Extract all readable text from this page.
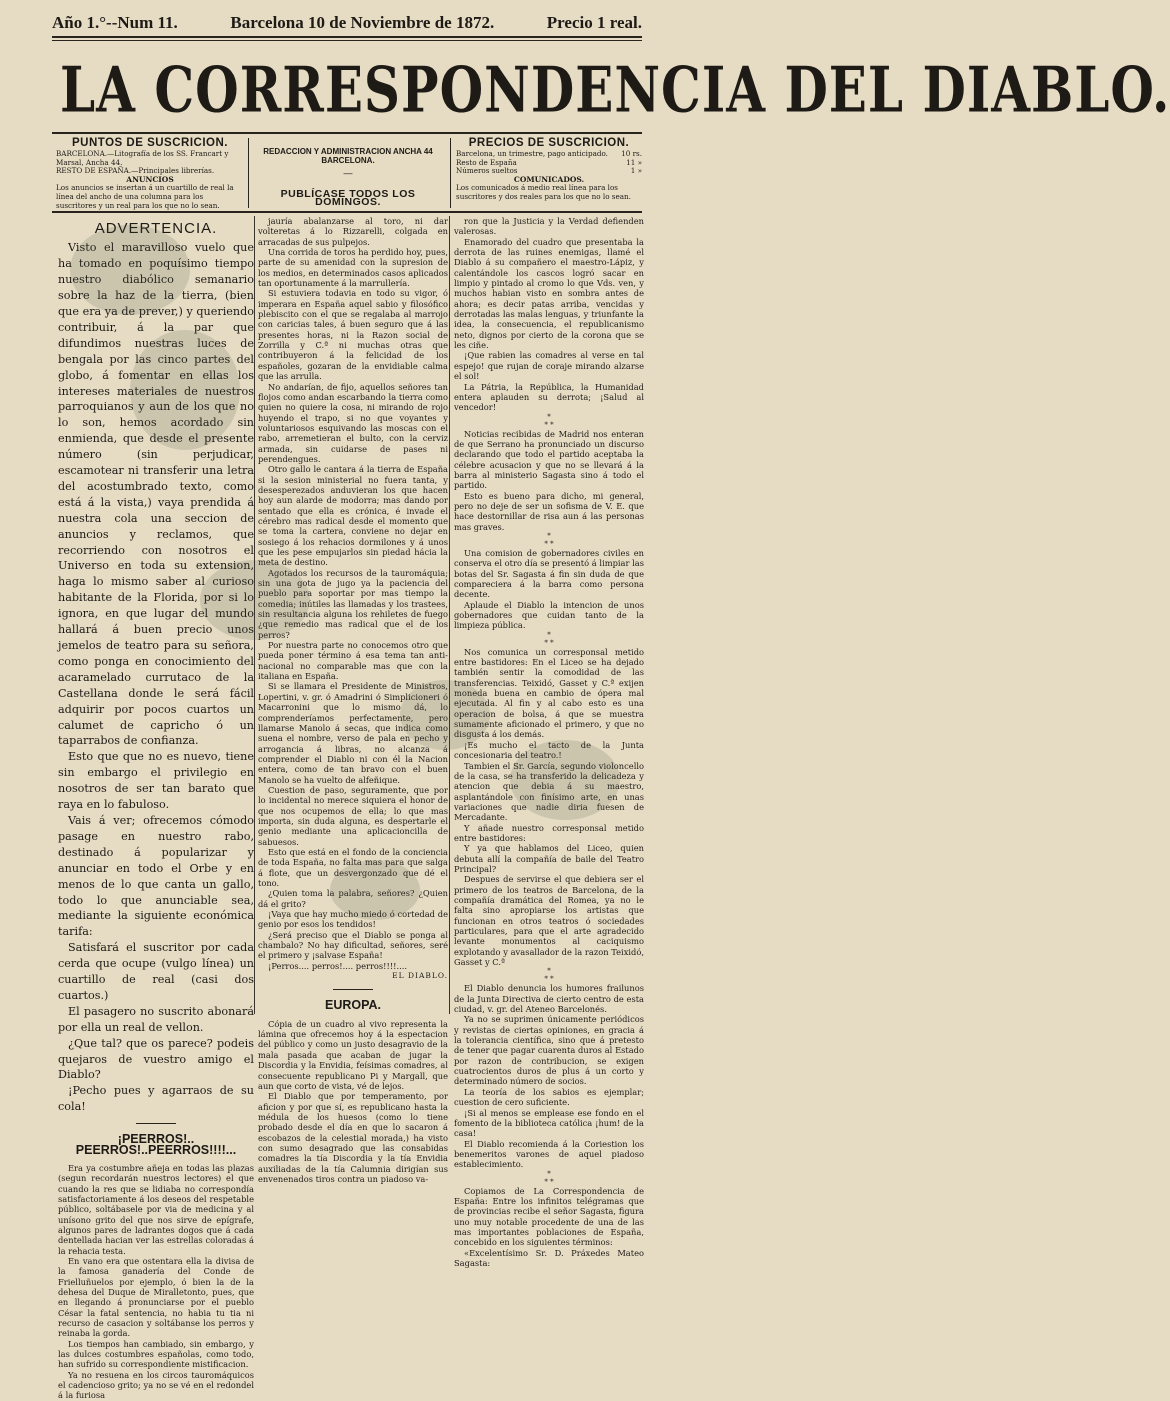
Año 1.°--Num 11.	Barcelona 10 de Noviembre de 1872.	Precio 1 real.
LA CORRESPONDENCIA DEL DIABLO.
PUNTOS DE SUSCRICION.
BARCELONA.—Litografía de los SS. Francart y Marsal, Ancha 44.
RESTO DE ESPAÑA.—Principales librerías.
ANUNCIOS
Los anuncios se insertan á un cuartillo de real la línea del ancho de una columna para los suscritores y un real para los que no lo sean.
REDACCION Y ADMINISTRACION ANCHA 44 BARCELONA.
—
PUBLÍCASE TODOS LOS DOMINGOS.
PRECIOS DE SUSCRICION.
Barcelona, un trimestre, pago anticipado. 10 rs.
Resto de España	11 »
Números sueltos	1 »
COMUNICADOS.
Los comunicados á medio real línea para los suscritores y dos reales para los que no lo sean.
ADVERTENCIA.

Visto el maravilloso vuelo que ha tomado en poquísimo tiempo nuestro diabólico semanario sobre la haz de la tierra, (bien que era ya de prever,) y queriendo contribuir, á la par que difundimos nuestras luces de bengala por las cinco partes del globo, á fomentar en ellas los intereses materiales de nuestros parroquianos y aun de los que no lo son, hemos acordado sin enmienda, que desde el presente número (sin perjudicar, escamotear ni transferir una letra del acostumbrado texto, como está á la vista,) vaya prendida á nuestra cola una seccion de anuncios y reclamos, que recorriendo con nosotros el Universo en toda su extension, haga lo mismo saber al curioso habitante de la Florida, por si lo ignora, en que lugar del mundo hallará á buen precio unos jemelos de teatro para su señora, como ponga en conocimiento del acaramelado currutaco de la Castellana donde le será fácil adquirir por pocos cuartos un calumet de capricho ó un taparrabos de confianza.

Esto que que no es nuevo, tiene sin embargo el privilegio en nosotros de ser tan barato que raya en lo fabuloso.

Vais á ver; ofrecemos cómodo pasage en nuestro rabo, destinado á popularizar y anunciar en todo el Orbe y en menos de lo que canta un gallo, todo lo que anunciable sea, mediante la siguiente económica tarifa:

Satisfará el suscritor por cada cerda que ocupe (vulgo línea) un cuartillo de real (casi dos cuartos.)

El pasagero no suscrito abonará por ella un real de vellon.

¿Que tal? que os parece? podeis quejaros de vuestro amigo el Diablo?

¡Pecho pues y agarraos de su cola!

¡PEERROS!.. PEERROS!..PEERROS!!!!...

Era ya costumbre añeja en todas las plazas (segun recordarán nuestros lectores) el que cuando la res que se lidiaba no correspondía satisfactoriamente á los deseos del respetable público, soltábasele por via de medicina y al unísono grito del que nos sirve de epígrafe, algunos pares de ladrantes dogos que á cada dentellada hacian ver las estrellas coloradas á la rehacia testa.

En vano era que ostentara ella la divisa de la famosa ganadería del Conde de Frielluñuelos por ejemplo, ó bien la de la dehesa del Duque de Miralletonto, pues, que en llegando á pronunciarse por el pueblo César la fatal sentencia, no habia tu tia ni recurso de casacion y soltábanse los perros y reinaba la gorda.

Los tiempos han cambiado, sin embargo, y las dulces costumbres españolas, como todo, han sufrido su correspondiente mistificacion.

Ya no resuena en los circos tauromáquicos el cadencioso grito; ya no se vé en el redondel á la furiosa

jauría abalanzarse al toro, ni dar volteretas á lo Rizzarelli, colgada en arracadas de sus pulpejos.

Una corrida de toros ha perdido hoy, pues, parte de su amenidad con la supresion de los medios, en determinados casos aplicados tan oportunamente á la marrullería.

Si estuviera todavia en todo su vigor, ó imperara en España aquel sabio y filosófico plebiscito con el que se regalaba al marrojo con caricias tales, á buen seguro que á las presentes horas, ni la Razon social de Zorrilla y C.ª ni muchas otras que contribuyeron á la felicidad de los españoles, gozaran de la envidiable calma que las arrulla.

No andarían, de fijo, aquellos señores tan flojos como andan escarbando la tierra como quien no quiere la cosa, ni mirando de rojo huyendo el trapo, si no que voyantes y voluntariosos esquivando las moscas con el rabo, arremetieran el bulto, con la cerviz armada, sin cuidarse de pases ni perendengues.

Otro gallo le cantara á la tierra de España si la sesion ministerial no fuera tanta, y desesperezados anduvieran los que hacen hoy aun alarde de modorra; mas dando por sentado que ella es crónica, é invade el cérebro mas radical desde el momento que se toma la cartera, conviene no dejar en sosiego á los rehacios dormilones y á unos que les pese empujarlos sin piedad hácia la meta de destino.

Agotados los recursos de la tauromáquia; sin una gota de jugo ya la paciencia del pueblo para soportar por mas tiempo la comedia; inútiles las llamadas y los trastees, sin resultancia alguna los rehiletes de fuego ¿que remedio mas radical que el de los perros?

Por nuestra parte no conocemos otro que pueda poner término á esa tema tan anti-nacional no comparable mas que con la italiana en España.

Si se llamara el Presidente de Ministros, Lopertini, v. gr. ó Amadrini ó Simplicioneri ó Macarronini que lo mismo dá, lo comprenderíamos perfectamente, pero llamarse Manolo á secas, que indica como suena el nombre, verso de pala en pecho y arrogancia á libras, no alcanza á comprender el Diablo ni con él la Nacion entera, como de tan bravo con el buen Manolo se ha vuelto de alfeñique.

Cuestion de paso, seguramente, que por lo incidental no merece siquiera el honor de que nos ocupemos de ella; lo que mas importa, sin duda alguna, es despertarle el genio mediante una aplicacioncilla de sabuesos.

Esto que está en el fondo de la conciencia de toda España, no falta mas para que salga á flote, que un desvergonzado que dé el tono.

¿Quien toma la palabra, señores? ¿Quien dá el grito?

¡Vaya que hay mucho miedo ó cortedad de genio por esos los tendidos!

¿Será preciso que el Diablo se ponga al chambalo? No hay dificultad, señores, seré el primero y ¡salvase España!

¡Perros.... perros!.... perros!!!!....

EL DIABLO.
EUROPA.

Cópia de un cuadro al vivo representa la lámina que ofrecemos hoy á la espectacion del público y como un justo desagravio de la mala pasada que acaban de jugar la Discordia y la Envidia, feísimas comadres, al consecuente republicano Pi y Margall, que aun que corto de vista, vé de lejos.

El Diablo que por temperamento, por aficion y por que sí, es republicano hasta la médula de los huesos (como lo tiene probado desde el día en que lo sacaron á escobazos de la celestial morada,) ha visto con sumo desagrado que las consabidas comadres la tía Discordia y la tía Envidia auxiliadas de la tía Calumnia dirigían sus envenenados tiros contra un piadoso va-

ron que la Justicia y la Verdad defienden valerosas.

Enamorado del cuadro que presentaba la derrota de las ruines enemigas, llamé el Diablo á su compañero el maestro-Lápiz, y calentándole los cascos logró sacar en limpio y pintado al cromo lo que Vds. ven, y muchos habian visto en sombra antes de ahora; es decir patas arriba, vencidas y derrotadas las malas lenguas, y triunfante la idea, la consecuencia, el republicanismo neto, dignos por cierto de la corona que se les ciñe.

¡Que rabien las comadres al verse en tal espejo! que rujan de coraje mirando alzarse el sol!

La Pátria, la República, la Humanidad entera aplauden su derrota; ¡Salud al vencedor!

*
* *

Noticias recibidas de Madrid nos enteran de que Serrano ha pronunciado un discurso declarando que todo el partido aceptaba la célebre acusacion y que no se llevará á la barra al ministerio Sagasta sino á todo el partido.

Esto es bueno para dicho, mi general, pero no deje de ser un sofisma de V. E. que hace destornillar de risa aun á las personas mas graves.

*
* *

Una comision de gobernadores civiles en conserva el otro día se presentó á limpiar las botas del Sr. Sagasta á fin sin duda de que compareciera á la barra como persona decente.

Aplaude el Diablo la intencion de unos gobernadores que cuidan tanto de la limpieza pública.

*
* *

Nos comunica un corresponsal metido entre bastidores: En el Liceo se ha dejado también sentir la comodidad de las transferencias. Teixidó, Gasset y C.ª exijen moneda buena en cambio de ópera mal ejecutada. Al fin y al cabo esto es una operacion de bolsa, á que se muestra sumamente aficionado el primero, y que no disgusta á los demás.

¡Es mucho el tacto de la Junta concesionaria del teatro.!

Tambien el Sr. García, segundo violoncello de la casa, se ha transferido la delicadeza y atencion que debia á su maestro, asplantándole con finísimo arte, en unas variaciones que nadie diria fuesen de Mercadante.

Y añade nuestro corresponsal metido entre bastidores:

Y ya que hablamos del Liceo, quien debuta allí la compañía de baile del Teatro Principal?

Despues de servirse el que debiera ser el primero de los teatros de Barcelona, de la compañía dramática del Romea, ya no le falta sino apropiarse los artistas que funcionan en otros teatros ó sociedades particulares, para que el arte agradecido levante monumentos al caciquismo explotando y avasallador de la razon Teixidó, Gasset y C.ª

*
* *

El Diablo denuncia los humores frailunos de la Junta Directiva de cierto centro de esta ciudad, v. gr. del Ateneo Barcelonés.

Ya no se suprimen únicamente periódicos y revistas de ciertas opiniones, en gracia á la tolerancia científica, sino que á pretesto de tener que pagar cuarenta duros al Estado por razon de contribucion, se exigen cuatrocientos duros de plus á un corto y determinado número de socios.

La teoría de los sabios es ejemplar; cuestion de cero suficiente.

¡Si al menos se emplease ese fondo en el fomento de la biblioteca católica ¡hum! de la casa!

El Diablo recomienda á la Coriestion los benemeritos varones de aquel piadoso establecimiento.

*
* *

Copiamos de La Correspondencia de España: Entre los infinitos telégramas que de provincias recibe el señor Sagasta, figura uno muy notable procedente de una de las mas importantes poblaciones de España, concebido en los siguientes términos:

«Excelentísimo Sr. D. Práxedes Mateo Sagasta:
